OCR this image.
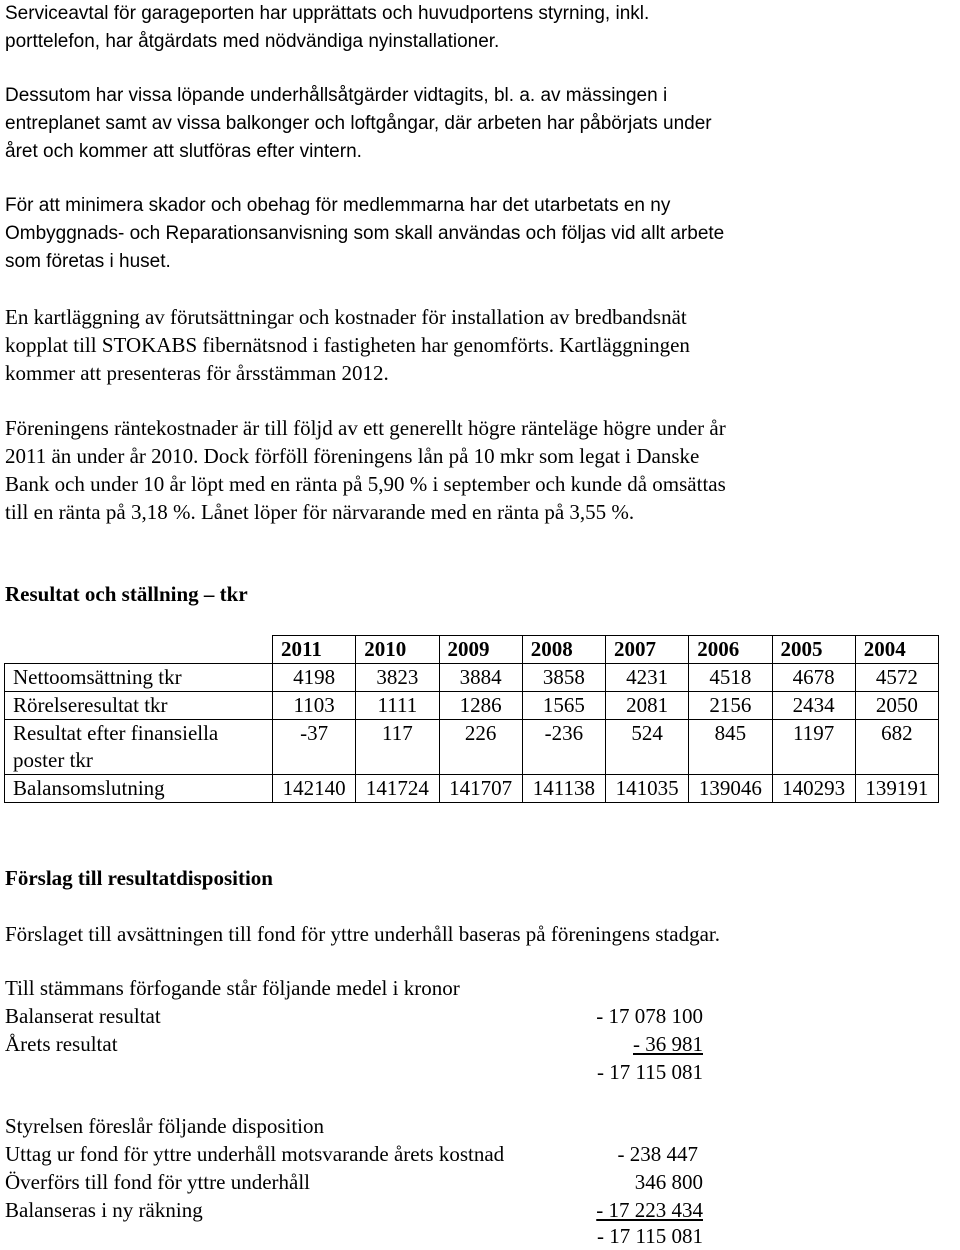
Serviceavtal för garageporten har upprättats och huvudportens styrning, inkl.
porttelefon, har åtgärdats med nödvändiga nyinstallationer.
Dessutom har vissa löpande underhållsåtgärder vidtagits, bl. a. av mässingen i
entreplanet samt av vissa balkonger och loftgångar, där arbeten har påbörjats under
året och kommer att slutföras efter vintern.
För att minimera skador och obehag för medlemmarna har det utarbetats en ny
Ombyggnads- och Reparationsanvisning som skall användas och följas vid allt arbete
som företas i huset.
En kartläggning av förutsättningar och kostnader för installation av bredbandsnät
kopplat till STOKABS fibernätsnod i fastigheten har genomförts. Kartläggningen
kommer att presenteras för årsstämman 2012.
Föreningens räntekostnader är till följd av ett generellt högre ränteläge högre under år
2011 än under år 2010. Dock förföll föreningens lån på 10 mkr som legat i Danske
Bank och under 10 år löpt med en ränta på 5,90 % i september och kunde då omsättas
till en ränta på 3,18 %. Lånet löper för närvarande med en ränta på 3,55 %.
Resultat och ställning – tkr
	2011	2010	2009	2008	2007	2006	2005	2004
Nettoomsättning tkr	4198	3823	3884	3858	4231	4518	4678	4572
Rörelseresultat tkr	1103	1111	1286	1565	2081	2156	2434	2050
Resultat efter finansiella poster tkr	-37	117	226	-236	524	845	1197	682
Balansomslutning	142140	141724	141707	141138	141035	139046	140293	139191
Förslag till resultatdisposition
Förslaget till avsättningen till fond för yttre underhåll baseras på föreningens stadgar.
Till stämmans förfogande står följande medel i kronor
Balanserat resultat	- 17 078 100
Årets resultat	- 36 981
- 17 115 081
Styrelsen föreslår följande disposition
Uttag ur fond för yttre underhåll motsvarande årets kostnad	- 238 447
Överförs till fond för yttre underhåll	346 800
Balanseras i ny räkning	- 17 223 434
- 17 115 081
